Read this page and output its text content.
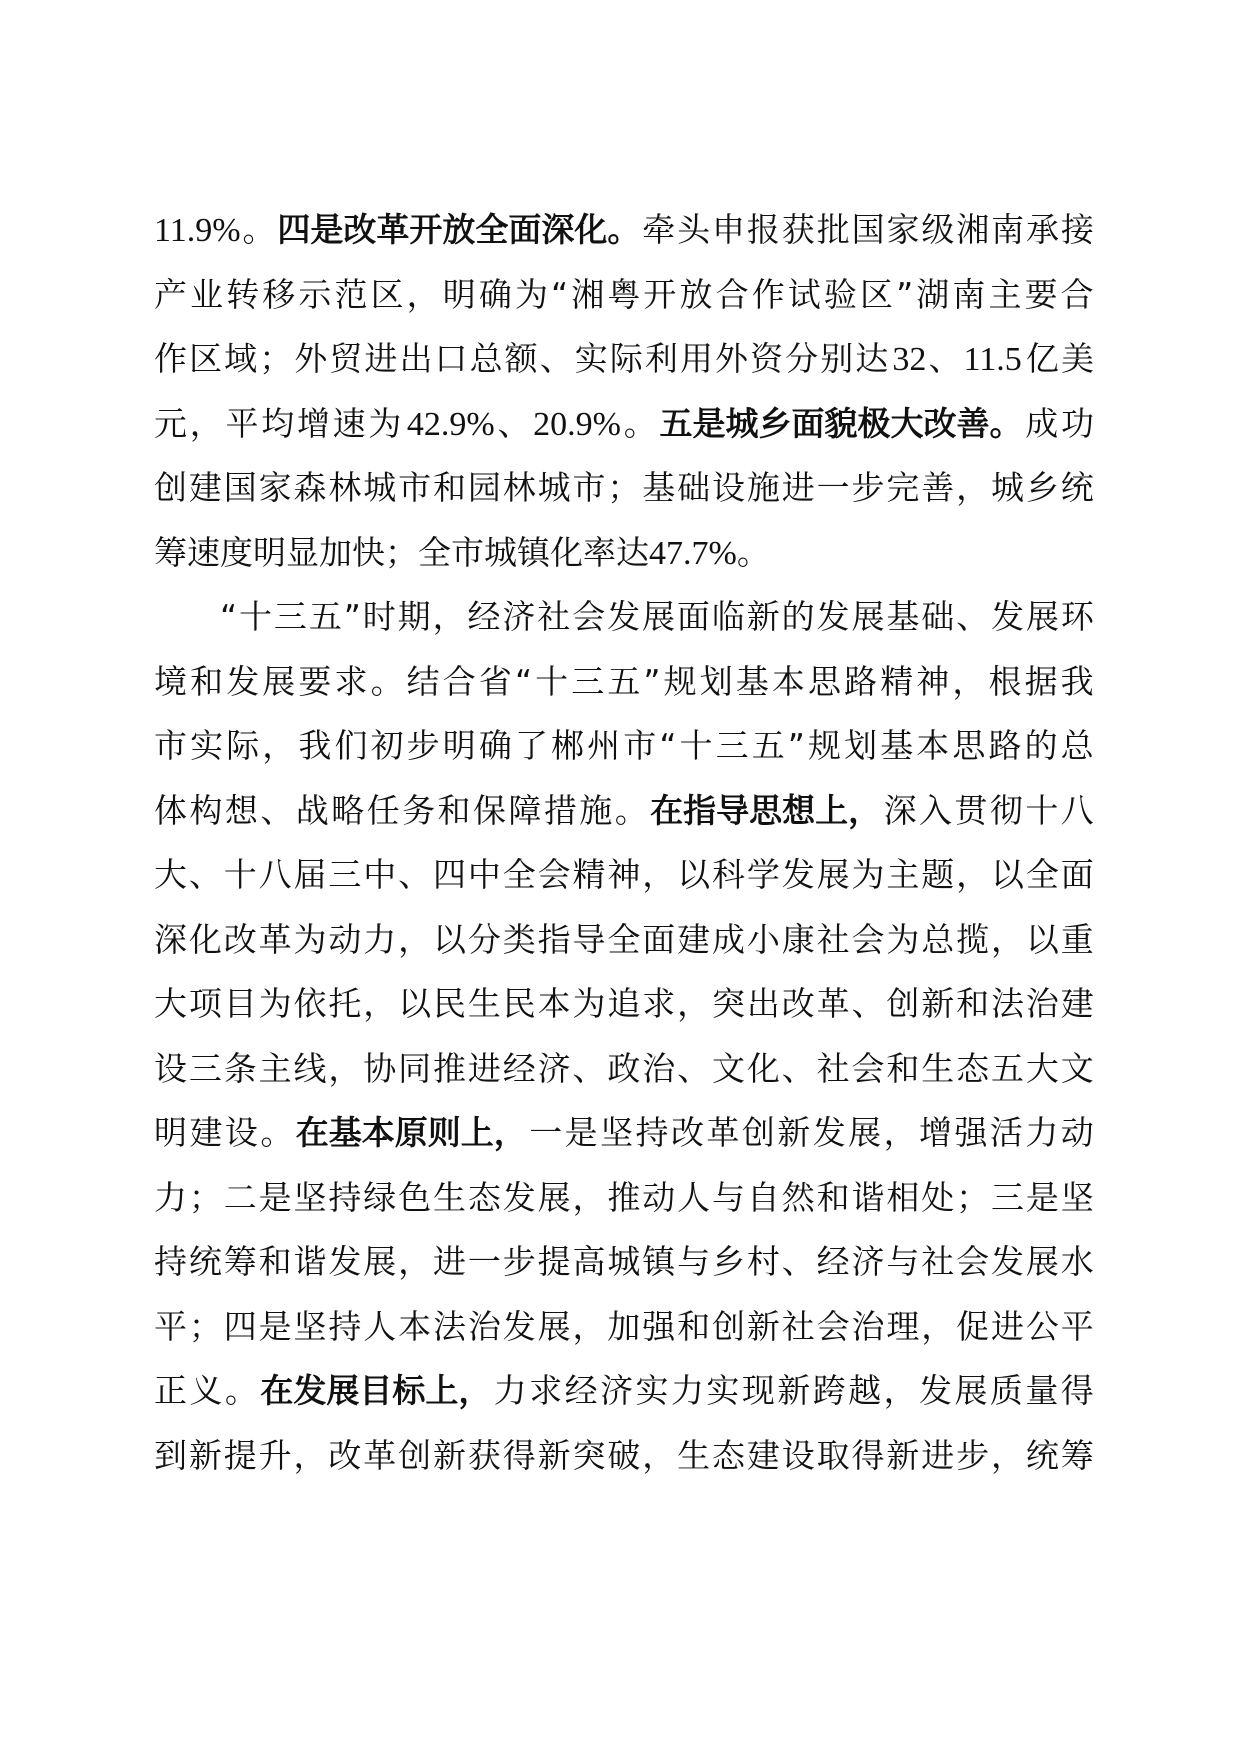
11.9% 。 四是改革开放全面深化。 牵 头 申 报 获 批 国 家 级 湘 南 承 接
产 业 转 移 示 范 区 ， 明 确 为 “ 湘 粤 开 放 合 作 试 验 区 ” 湖 南 主 要 合
作 区 域 ； 外 贸 进 出 口 总 额 、 实 际 利 用 外 资 分 别 达 32 、 11.5 亿 美
元 ， 平 均 增 速 为 42.9% 、 20.9% 。 五是城乡面貌极大改善。 成 功
创 建 国 家 森 林 城 市 和 园 林 城 市 ； 基 础 设 施 进 一 步 完 善 ， 城 乡 统
筹 速 度 明 显 加 快 ； 全 市 城 镇 化 率 达 47.7% 。
“ 十 三 五 ” 时 期 ， 经 济 社 会 发 展 面 临 新 的 发 展 基 础 、 发 展 环
境 和 发 展 要 求 。 结 合 省 “ 十 三 五 ” 规 划 基 本 思 路 精 神 ， 根 据 我
市 实 际 ， 我 们 初 步 明 确 了 郴 州 市 “ 十 三 五 ” 规 划 基 本 思 路 的 总
体 构 想 、 战 略 任 务 和 保 障 措 施 。 在指导思想上， 深 入 贯 彻 十 八
大 、 十 八 届 三 中 、 四 中 全 会 精 神 ， 以 科 学 发 展 为 主 题 ， 以 全 面
深 化 改 革 为 动 力 ， 以 分 类 指 导 全 面 建 成 小 康 社 会 为 总 揽 ， 以 重
大 项 目 为 依 托 ， 以 民 生 民 本 为 追 求 ， 突 出 改 革 、 创 新 和 法 治 建
设 三 条 主 线 ， 协 同 推 进 经 济 、 政 治 、 文 化 、 社 会 和 生 态 五 大 文
明 建 设 。 在基本原则上， 一 是 坚 持 改 革 创 新 发 展 ， 增 强 活 力 动
力 ； 二 是 坚 持 绿 色 生 态 发 展 ， 推 动 人 与 自 然 和 谐 相 处 ； 三 是 坚
持 统 筹 和 谐 发 展 ， 进 一 步 提 高 城 镇 与 乡 村 、 经 济 与 社 会 发 展 水
平 ； 四 是 坚 持 人 本 法 治 发 展 ， 加 强 和 创 新 社 会 治 理 ， 促 进 公 平
正 义 。 在发展目标上， 力 求 经 济 实 力 实 现 新 跨 越 ， 发 展 质 量 得
到 新 提 升 ， 改 革 创 新 获 得 新 突 破 ， 生 态 建 设 取 得 新 进 步 ， 统 筹
